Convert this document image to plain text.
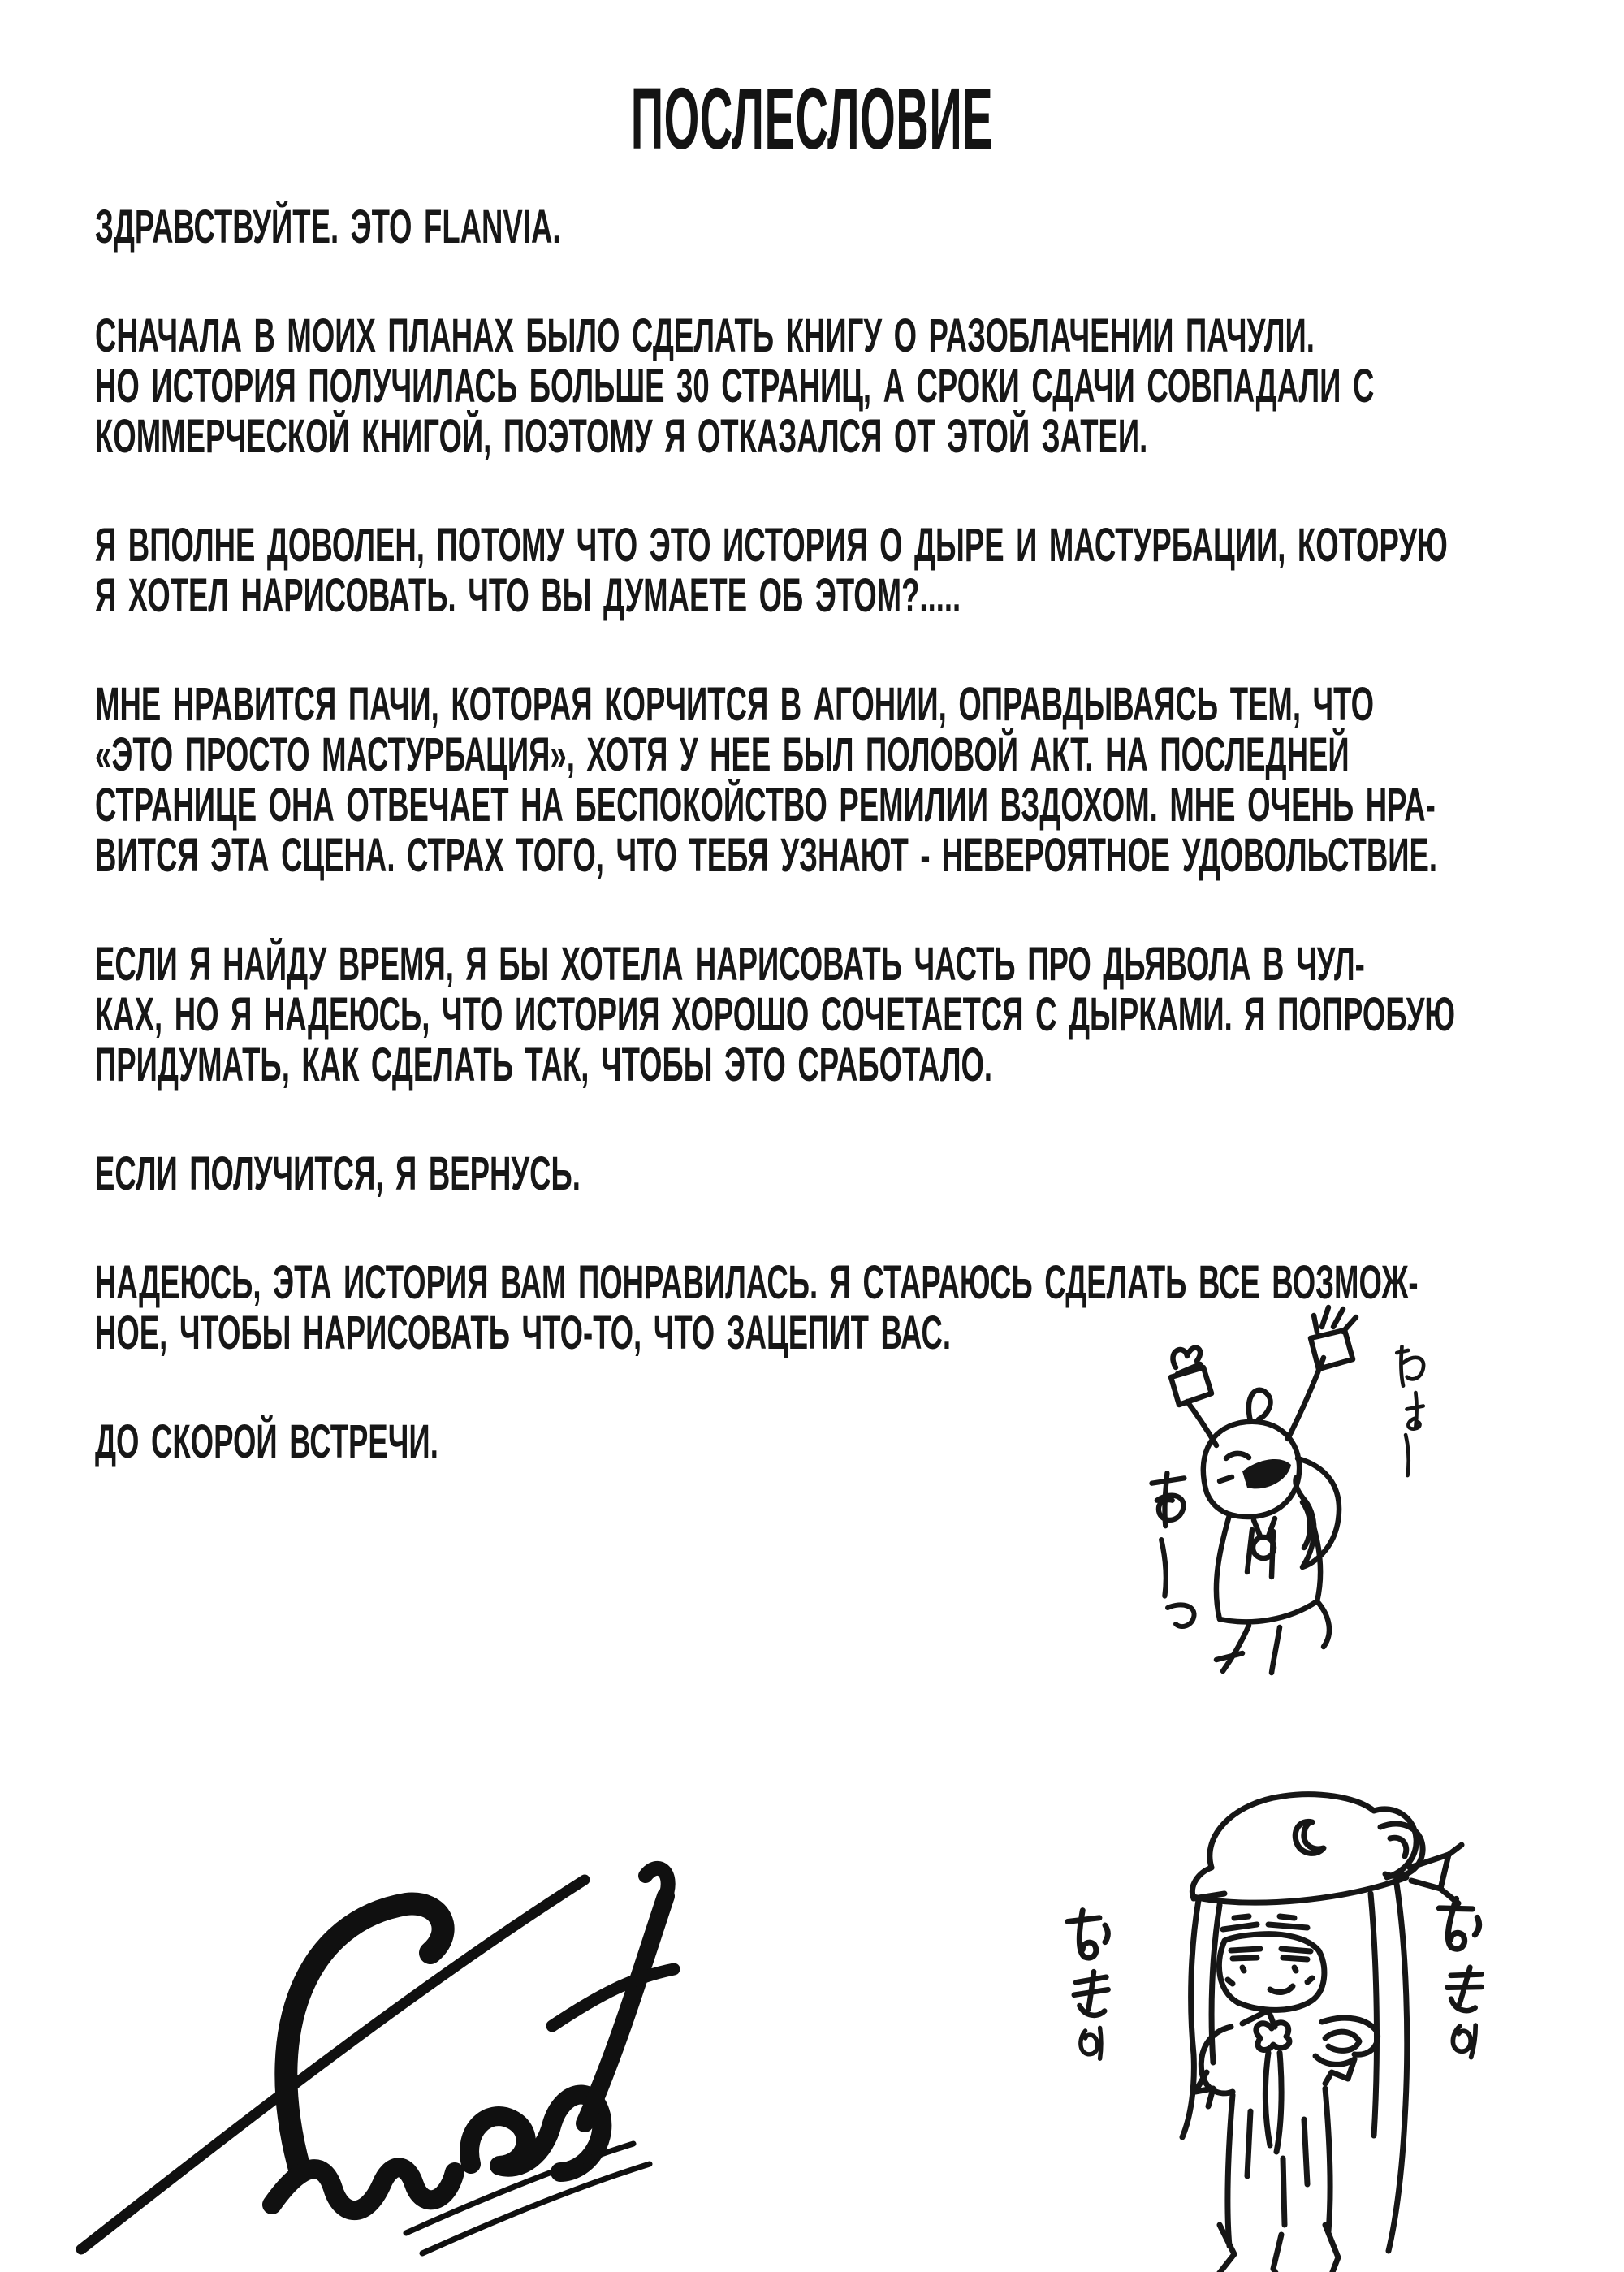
ПОСЛЕСЛОВИЕ
ЗДРАВСТВУЙТЕ. ЭТО FLANVIA.
СНАЧАЛА В МОИХ ПЛАНАХ БЫЛО СДЕЛАТЬ КНИГУ О РАЗОБЛАЧЕНИИ ПАЧУЛИ.
НО ИСТОРИЯ ПОЛУЧИЛАСЬ БОЛЬШЕ 30 СТРАНИЦ, А СРОКИ СДАЧИ СОВПАДАЛИ С
КОММЕРЧЕСКОЙ КНИГОЙ, ПОЭТОМУ Я ОТКАЗАЛСЯ ОТ ЭТОЙ ЗАТЕИ.
Я ВПОЛНЕ ДОВОЛЕН, ПОТОМУ ЧТО ЭТО ИСТОРИЯ О ДЫРЕ И МАСТУРБАЦИИ, КОТОРУЮ
Я ХОТЕЛ НАРИСОВАТЬ. ЧТО ВЫ ДУМАЕТЕ ОБ ЭТОМ?.....
МНЕ НРАВИТСЯ ПАЧИ, КОТОРАЯ КОРЧИТСЯ В АГОНИИ, ОПРАВДЫВАЯСЬ ТЕМ, ЧТО
«ЭТО ПРОСТО МАСТУРБАЦИЯ», ХОТЯ У НЕЕ БЫЛ ПОЛОВОЙ АКТ. НА ПОСЛЕДНЕЙ
СТРАНИЦЕ ОНА ОТВЕЧАЕТ НА БЕСПОКОЙСТВО РЕМИЛИИ ВЗДОХОМ. МНЕ ОЧЕНЬ НРА-
ВИТСЯ ЭТА СЦЕНА. СТРАХ ТОГО, ЧТО ТЕБЯ УЗНАЮТ - НЕВЕРОЯТНОЕ УДОВОЛЬСТВИЕ.
ЕСЛИ Я НАЙДУ ВРЕМЯ, Я БЫ ХОТЕЛА НАРИСОВАТЬ ЧАСТЬ ПРО ДЬЯВОЛА В ЧУЛ-
КАХ, НО Я НАДЕЮСЬ, ЧТО ИСТОРИЯ ХОРОШО СОЧЕТАЕТСЯ С ДЫРКАМИ. Я ПОПРОБУЮ
ПРИДУМАТЬ, КАК СДЕЛАТЬ ТАК, ЧТОБЫ ЭТО СРАБОТАЛО.
ЕСЛИ ПОЛУЧИТСЯ, Я ВЕРНУСЬ.
НАДЕЮСЬ, ЭТА ИСТОРИЯ ВАМ ПОНРАВИЛАСЬ. Я СТАРАЮСЬ СДЕЛАТЬ ВСЕ ВОЗМОЖ-
НОЕ, ЧТОБЫ НАРИСОВАТЬ ЧТО-ТО, ЧТО ЗАЦЕПИТ ВАС.
ДО СКОРОЙ ВСТРЕЧИ.
